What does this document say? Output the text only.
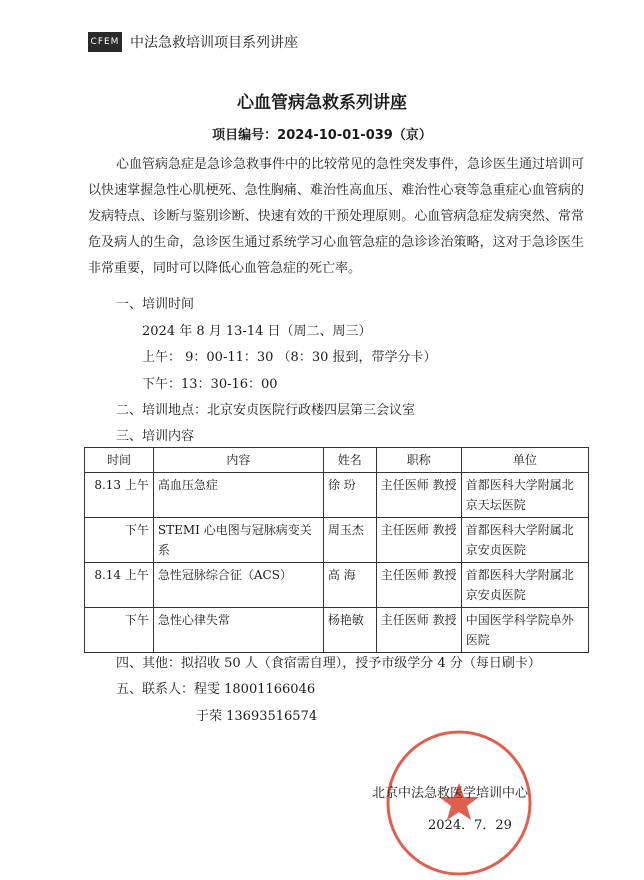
CFEM 中法急救培训项目系列讲座
心血管病急救系列讲座
项目编号：2024-10-01-039（京）
心血管病急症是急诊急救事件中的比较常见的急性突发事件，急诊医生通过培训可以快速掌握急性心肌梗死、急性胸痛、难治性高血压、难治性心衰等急重症心血管病的发病特点、诊断与鉴别诊断、快速有效的干预处理原则。心血管病急症发病突然、常常危及病人的生命，急诊医生通过系统学习心血管急症的急诊诊治策略，这对于急诊医生非常重要，同时可以降低心血管急症的死亡率。
一、培训时间
2024 年 8 月 13-14 日（周二、周三）
上午： 9：00-11：30 （8：30 报到，带学分卡）
下午：13：30-16：00
二、培训地点：北京安贞医院行政楼四层第三会议室
三、培训内容
时间	内容	姓名	职称	单位
8.13 上午	高血压急症	徐 玢	主任医师 教授	首都医科大学附属北京天坛医院
下午	STEMI 心电图与冠脉病变关系	周玉杰	主任医师 教授	首都医科大学附属北京安贞医院
8.14 上午	急性冠脉综合征（ACS）	高 海	主任医师 教授	首都医科大学附属北京安贞医院
下午	急性心律失常	杨艳敏	主任医师 教授	中国医学科学院阜外医院
四、其他：拟招收 50 人（食宿需自理），授予市级学分 4 分（每日刷卡）
五、联系人：程雯 18001166046
于荣 13693516574
北京中法急救医学培训中心
2024．7．29
